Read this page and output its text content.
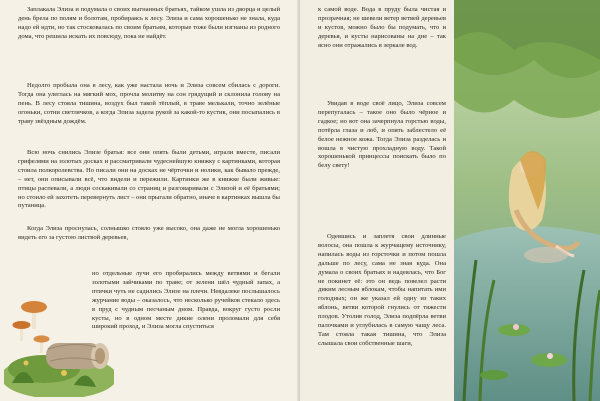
Заплакала Элиза и подумала о своих выгнанных братьях, тайком ушла из дворца и целый день брела по полям и болотам, пробираясь к лесу. Элиза и сама хорошенько не знала, куда надо ей идти, но так стосковалась по своим братьям, которые тоже были изгнаны из родного дома, что решила искать их повсюду, пока не найдёт.

Недолго пробыла она в лесу, как уже настала ночь и Элиза совсем сбилась с дороги. Тогда она улеглась на мягкий мох, прочла молитву на сон грядущий и склонила голову на пень. В лесу стояла тишина, воздух был такой тёплый, в траве мелькали, точно зелёные огоньки, сотни светлячков, а когда Элиза задела рукой за какой-то кустик, они посыпались в траву звёздным дождём.

Всю ночь снились Элизе братья: все они опять были детьми, играли вместе, писали грифелями на золотых досках и рассматривали чудеснейшую книжку с картинками, которая стоила полкоролевства. Но писали они на досках не чёрточки и нолики, как бывало прежде, – нет, они описывали всё, что видели и пережили. Картинки же в книжке были живые: птицы распевали, а люди соскакивали со страниц и разговаривали с Элизой и её братьями; но стоило ей захотеть перевернуть лист – они прыгали обратно, иначе в картинках вышла бы путаница.

Когда Элиза проснулась, солнышко стояло уже высоко, она даже не могла хорошенько видеть его за густою листвой деревьев,

но отдельные лучи его пробирались между ветвями и бегали золотыми зайчиками по траве; от зелени шёл чудный запах, а птички чуть не садились Элизе на плечи. Невдалеке послышалось журчание воды – оказалось, что несколько ручейков стекало здесь в пруд с чудным песчаным дном. Правда, вокруг густо росли кусты, но в одном месте дикие олени проломали для себя широкий проход, и Элиза могла спуститься

к самой воде. Вода в пруду была чистая и прозрачная; не шевели ветер ветвей деревьев и кустов, можно было бы подумать, что и деревья, и кусты нарисованы на дне – так ясно они отражались в зеркале вод.

Увидав в воде своё лицо, Элиза совсем перепугалась – такое оно было чёрное и гадкое; но вот она зачерпнула горстью воды, потёрла глаза и лоб, и опять заблестело её белое нежное кожа. Тогда Элиза разделась и вошла в чистую прохладную воду. Такой хорошенькой принцессы поискать было по белу свету!

Одевшись и заплетя свои длинные волосы, она пошла к журчащему источнику, напилась воды из горсточки и потом пошла дальше по лесу, сама не зная куда. Она думала о своих братьях и надеялась, что Бог не покинет её: это он ведь повелел расти диким лесным яблокам, чтобы напитать ими голодных; он же указал ей одну из таких яблонь, ветви которой гнулись от тяжести плодов. Утолив голод, Элиза подпёрла ветви палочками и углубилась в самую чащу леса. Там стояла такая тишина, что Элиза слышала свои собственные шаги,
